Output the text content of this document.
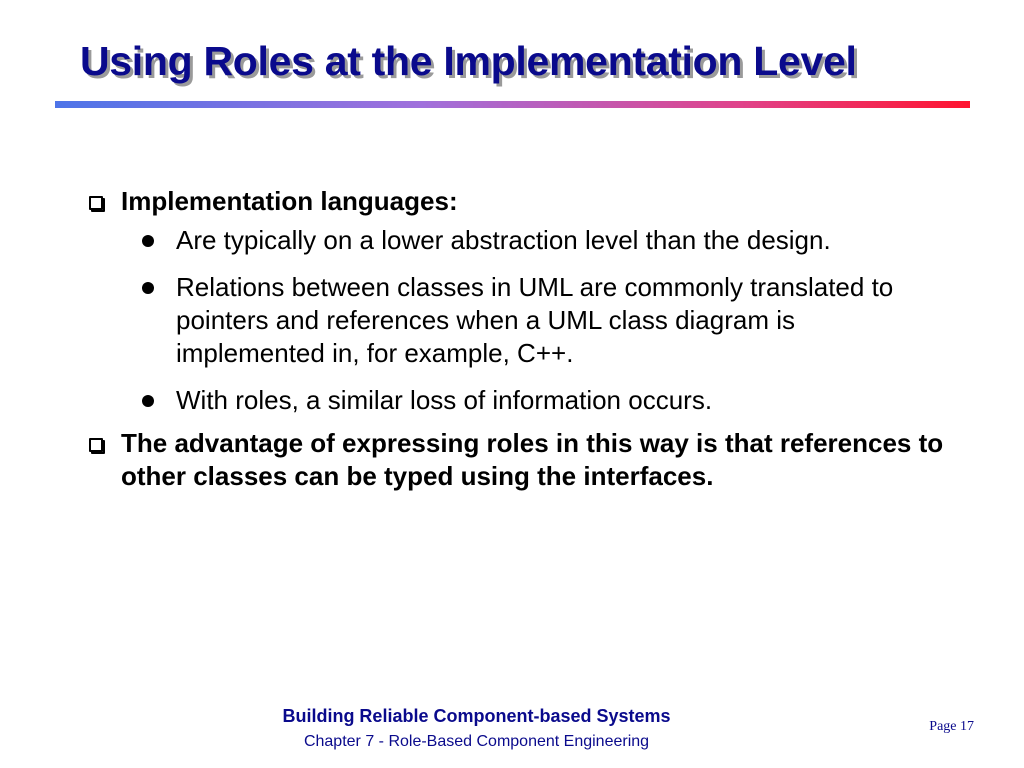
Using Roles at the Implementation Level
Implementation languages:
Are typically on a lower abstraction level than the design.
Relations between classes in UML are commonly translated to pointers and references when a UML class diagram is implemented in, for example, C++.
With roles, a similar loss of information occurs.
The advantage of expressing roles in this way is that references to other classes can be typed using the interfaces.

Building Reliable Component-based Systems

Chapter 7 - Role-Based Component Engineering

Page 17
